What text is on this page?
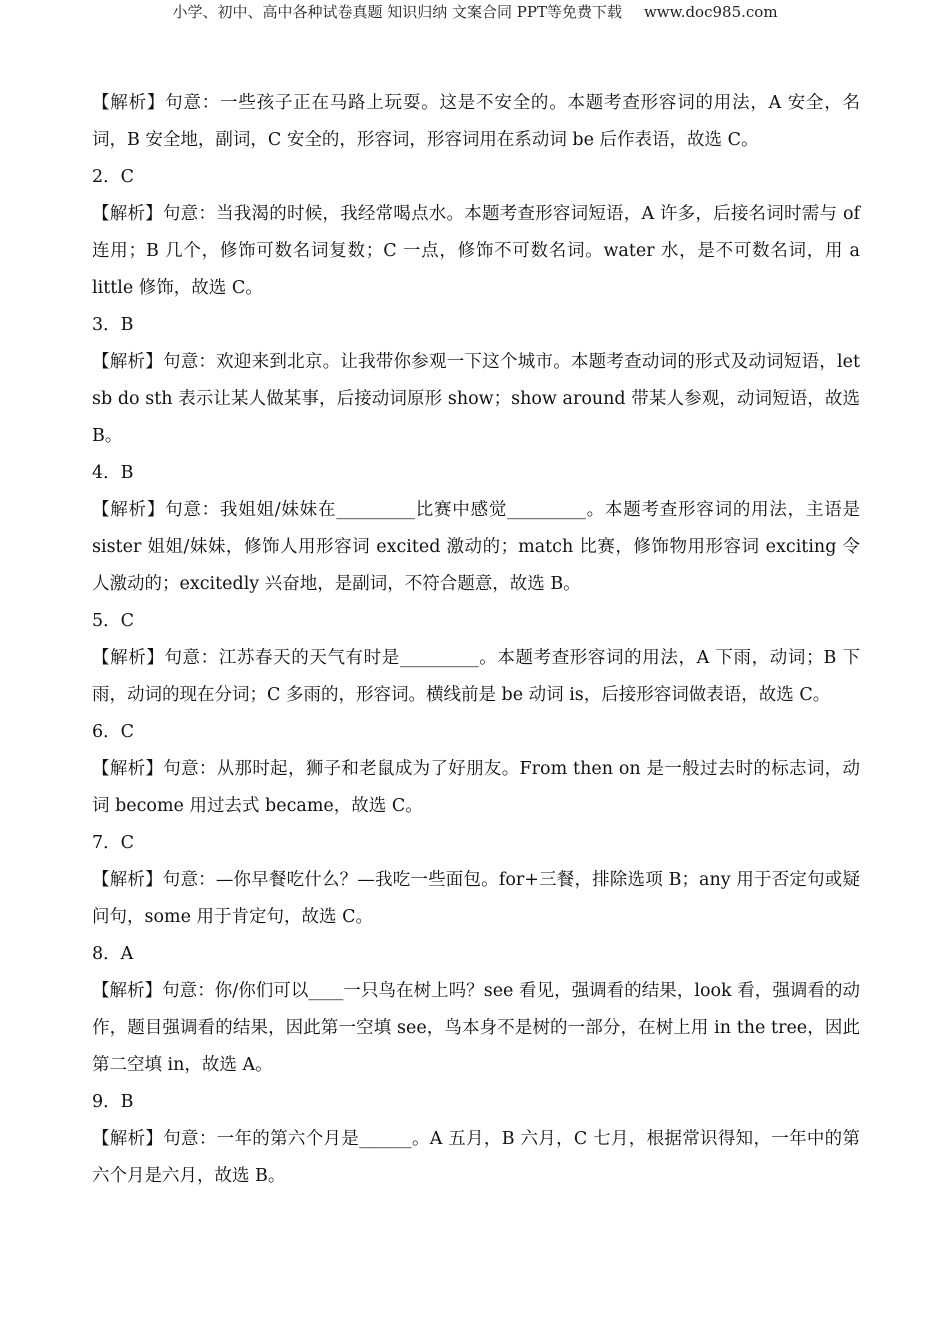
小学、初中、高中各种试卷真题 知识归纳 文案合同 PPT等免费下载 www.doc985.com

【解析】句意：一些孩子正在马路上玩耍。这是不安全的。本题考查形容词的用法，A 安全，名词，B 安全地，副词，C 安全的，形容词，形容词用在系动词 be 后作表语，故选 C。

2．C

【解析】句意：当我渴的时候，我经常喝点水。本题考查形容词短语，A 许多，后接名词时需与 of 连用；B 几个，修饰可数名词复数；C 一点，修饰不可数名词。water 水，是不可数名词，用 a little 修饰，故选 C。

3．B

【解析】句意：欢迎来到北京。让我带你参观一下这个城市。本题考查动词的形式及动词短语，let sb do sth 表示让某人做某事，后接动词原形 show；show around 带某人参观，动词短语，故选 B。

4．B

【解析】句意：我姐姐/妹妹在_________比赛中感觉_________。本题考查形容词的用法，主语是 sister 姐姐/妹妹，修饰人用形容词 excited 激动的；match 比赛，修饰物用形容词 exciting 令人激动的；excitedly 兴奋地，是副词，不符合题意，故选 B。

5．C

【解析】句意：江苏春天的天气有时是_________。本题考查形容词的用法，A 下雨，动词；B 下雨，动词的现在分词；C 多雨的，形容词。横线前是 be 动词 is，后接形容词做表语，故选 C。

6．C

【解析】句意：从那时起，狮子和老鼠成为了好朋友。From then on 是一般过去时的标志词，动词 become 用过去式 became，故选 C。

7．C

【解析】句意：—你早餐吃什么？—我吃一些面包。for+三餐，排除选项 B；any 用于否定句或疑问句，some 用于肯定句，故选 C。

8．A

【解析】句意：你/你们可以____一只鸟在树上吗？see 看见，强调看的结果，look 看，强调看的动作，题目强调看的结果，因此第一空填 see，鸟本身不是树的一部分，在树上用 in the tree，因此第二空填 in，故选 A。

9．B

【解析】句意：一年的第六个月是______。A 五月，B 六月，C 七月，根据常识得知，一年中的第六个月是六月，故选 B。
